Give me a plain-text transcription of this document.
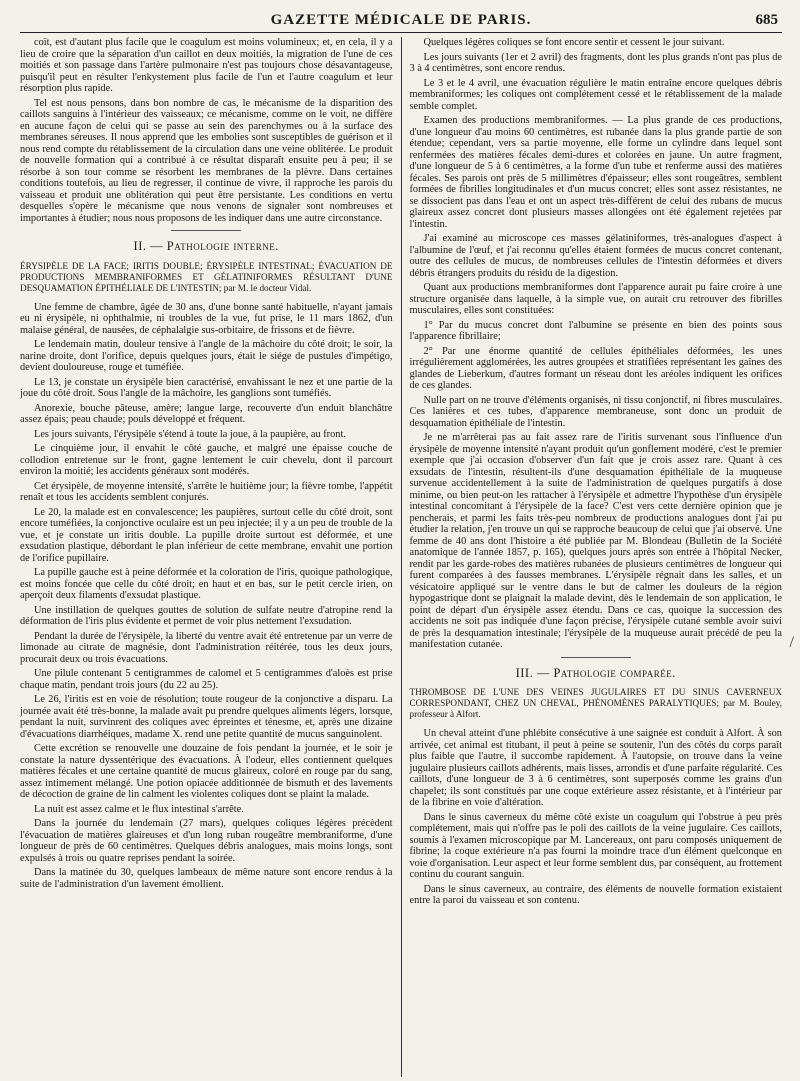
GAZETTE MÉDICALE DE PARIS.	685

coït, est d'autant plus facile que le coagulum est moins volumineux; et, en cela, il y a lieu de croire que la séparation d'un caillot en deux moitiés, la migration de l'une de ces moitiés et son passage dans l'artère pulmonaire n'est pas toujours chose désavantageuse, puisqu'il peut en résulter l'enkystement plus facile de l'un et l'autre coagulum et leur résorption plus rapide.

Tel est nous pensons, dans bon nombre de cas, le mécanisme de la disparition des caillots sanguins à l'intérieur des vaisseaux; ce mécanisme, comme on le voit, ne diffère en aucune façon de celui qui se passe au sein des parenchymes ou à la surface des membranes séreuses. Il nous apprend que les embolies sont susceptibles de guérison et il nous rend compte du rétablissement de la circulation dans une veine oblitérée. Le produit de nouvelle formation qui a contribué à ce résultat disparaît ensuite peu à peu; il se résorbe à son tour comme se résorbent les membranes de la plèvre. Dans certaines conditions toutefois, au lieu de regresser, il continue de vivre, il rapproche les parois du vaisseau et produit une oblitération qui peut être persistante. Les conditions en vertu desquelles s'opère le mécanisme que nous venons de signaler sont nombreuses et importantes à étudier; nous nous proposons de les indiquer dans une autre circonstance.

II. — Pathologie interne.

ÉRYSIPÈLE DE LA FACE; IRITIS DOUBLE; ÉRYSIPÈLE INTESTINAL; ÉVACUATION DE PRODUCTIONS MEMBRANIFORMES ET GÉLATINIFORMES RÉSULTANT D'UNE DESQUAMATION ÉPITHÉLIALE DE L'INTESTIN; par M. le docteur Vidal.

Une femme de chambre, âgée de 30 ans, d'une bonne santé habituelle, n'ayant jamais eu ni érysipèle, ni ophthalmie, ni troubles de la vue, fut prise, le 11 mars 1862, d'un malaise général, de nausées, de céphalalgie sus-orbitaire, de frissons et de fièvre.

Le lendemain matin, douleur tensive à l'angle de la mâchoire du côté droit; le soir, la narine droite, dont l'orifice, depuis quelques jours, était le siége de pustules d'impétigo, devient douloureuse, rouge et tuméfiée.

Le 13, je constate un érysipèle bien caractérisé, envahissant le nez et une partie de la joue du côté droit. Sous l'angle de la mâchoire, les ganglions sont tuméfiés.

Anorexie, bouche pâteuse, amère; langue large, recouverte d'un enduit blanchâtre assez épais; peau chaude; pouls développé et fréquent.

Les jours suivants, l'érysipèle s'étend à toute la joue, à la paupière, au front.

Le cinquième jour, il envahit le côté gauche, et malgré une épaisse couche de collodion entretenue sur le front, gagne lentement le cuir chevelu, dont il parcourt environ la moitié; les accidents généraux sont modérés.

Cet érysipèle, de moyenne intensité, s'arrête le huitième jour; la fièvre tombe, l'appétit renaît et tous les accidents semblent conjurés.

Le 20, la malade est en convalescence; les paupières, surtout celle du côté droit, sont encore tuméfiées, la conjonctive oculaire est un peu injectée; il y a un peu de trouble de la vue, et je constate un iritis double. La pupille droite surtout est déformée, et une exsudation plastique, débordant le plan inférieur de cette membrane, envahit une portion de l'orifice pupillaire.

La pupille gauche est à peine déformée et la coloration de l'iris, quoique pathologique, est moins foncée que celle du côté droit; en haut et en bas, sur le petit cercle irien, on aperçoit deux filaments d'exsudat plastique.

Une instillation de quelques gouttes de solution de sulfate neutre d'atropine rend la déformation de l'iris plus évidente et permet de voir plus nettement l'exsudation.

Pendant la durée de l'érysipèle, la liberté du ventre avait été entretenue par un verre de limonade au citrate de magnésie, dont l'administration réitérée, tous les deux jours, procurait deux ou trois évacuations.

Une pilule contenant 5 centigrammes de calomel et 5 centigrammes d'aloès est prise chaque matin, pendant trois jours (du 22 au 25).

Le 26, l'iritis est en voie de résolution; toute rougeur de la conjonctive a disparu. La journée avait été très-bonne, la malade avait pu prendre quelques aliments légers, lorsque, pendant la nuit, survinrent des coliques avec épreintes et ténesme, et, après une dizaine d'évacuations diarrhéiques, madame X. rend une petite quantité de mucus sanguinolent.

Cette excrétion se renouvelle une douzaine de fois pendant la journée, et le soir je constate la nature dyssentérique des évacuations. À l'odeur, elles contiennent quelques matières fécales et une certaine quantité de mucus glaireux, coloré en rouge par du sang, assez intimement mélangé. Une potion opiacée additionnée de bismuth et des lavements de décoction de graine de lin calment les violentes coliques dont se plaint la malade.

La nuit est assez calme et le flux intestinal s'arrête.

Dans la journée du lendemain (27 mars), quelques coliques légères précèdent l'évacuation de matières glaireuses et d'un long ruban rougeâtre membraniforme, d'une longueur de près de 60 centimètres. Quelques débris analogues, mais moins longs, sont expulsés à trois ou quatre reprises pendant la soirée.

Dans la matinée du 30, quelques lambeaux de même nature sont encore rendus à la suite de l'administration d'un lavement émollient.

Quelques légères coliques se font encore sentir et cessent le jour suivant.

Les jours suivants (1er et 2 avril) des fragments, dont les plus grands n'ont pas plus de 3 à 4 centimètres, sont encore rendus.

Le 3 et le 4 avril, une évacuation régulière le matin entraîne encore quelques débris membraniformes; les coliques ont complétement cessé et le rétablissement de la malade semble complet.

Examen des productions membraniformes. — La plus grande de ces productions, d'une longueur d'au moins 60 centimètres, est rubanée dans la plus grande partie de son étendue; cependant, vers sa partie moyenne, elle forme un cylindre dans lequel sont renfermées des matières fécales demi-dures et colorées en jaune. Un autre fragment, d'une longueur de 5 à 6 centimètres, a la forme d'un tube et renferme aussi des matières fécales. Ses parois ont près de 5 millimètres d'épaisseur; elles sont rougeâtres, semblent formées de fibrilles longitudinales et d'un mucus concret; elles sont assez résistantes, ne se dissocient pas dans l'eau et ont un aspect très-différent de celui des rubans de mucus glaireux assez concret dont plusieurs masses allongées ont été également rejetées par l'intestin.

J'ai examiné au microscope ces masses gélatiniformes, très-analogues d'aspect à l'albumine de l'œuf, et j'ai reconnu qu'elles étaient formées de mucus concret contenant, outre des cellules de mucus, de nombreuses cellules de l'intestin déformées et divers débris étrangers produits du résidu de la digestion.

Quant aux productions membraniformes dont l'apparence aurait pu faire croire à une structure organisée dans laquelle, à la simple vue, on aurait cru retrouver des fibrilles musculaires, elles sont constituées:

1° Par du mucus concret dont l'albumine se présente en bien des points sous l'apparence fibrillaire;

2° Par une énorme quantité de cellules épithéliales déformées, les unes irrégulièrement agglomérées, les autres groupées et stratifiées représentant les gaînes des glandes de Lieberkum, d'autres formant un réseau dont les aréoles indiquent les orifices de ces glandes.

Nulle part on ne trouve d'éléments organisés, ni tissu conjonctif, ni fibres musculaires. Ces lanières et ces tubes, d'apparence membraneuse, sont donc un produit de desquamation épithéliale de l'intestin.

Je ne m'arrêterai pas au fait assez rare de l'iritis survenant sous l'influence d'un érysipèle de moyenne intensité n'ayant produit qu'un gonflement modéré, c'est le premier exemple que j'ai occasion d'observer d'un fait que je crois assez rare. Quant à ces exsudats de l'intestin, résultent-ils d'une desquamation épithéliale de la muqueuse survenue accidentellement à la suite de l'administration de quelques purgatifs à dose minime, ou bien peut-on les rattacher à l'érysipèle et admettre l'hypothèse d'un érysipèle intestinal concomitant à l'érysipèle de la face? C'est vers cette dernière opinion que je pencherais, et parmi les faits très-peu nombreux de productions analogues dont j'ai pu étudier la relation, j'en trouve un qui se rapproche beaucoup de celui que j'ai observé. Une femme de 40 ans dont l'histoire a été publiée par M. Blondeau (Bulletin de la Société anatomique de l'année 1857, p. 165), quelques jours après son entrée à l'hôpital Necker, rendit par les garde-robes des matières rubanées de plusieurs centimètres de longueur qui furent comparées à des fausses membranes. L'érysipèle régnait dans les salles, et un vésicatoire appliqué sur le ventre dans le but de calmer les douleurs de la région hypogastrique dont se plaignait la malade devint, dès le lendemain de son application, le point de départ d'un érysipèle assez étendu. Dans ce cas, quoique la succession des accidents ne soit pas indiquée d'une façon précise, l'érysipèle cutané semble avoir suivi de près la desquamation intestinale; l'érysipèle de la muqueuse aurait précédé de peu la manifestation cutanée.

III. — Pathologie comparée.

THROMBOSE DE L'UNE DES VEINES JUGULAIRES ET DU SINUS CAVERNEUX CORRESPONDANT, CHEZ UN CHEVAL, PHÉNOMÈNES PARALYTIQUES; par M. Bouley, professeur à Alfort.

Un cheval atteint d'une phlébite consécutive à une saignée est conduit à Alfort. À son arrivée, cet animal est titubant, il peut à peine se soutenir, l'un des côtés du corps paraît plus faible que l'autre, il succombe rapidement. À l'autopsie, on trouve dans la veine jugulaire plusieurs caillots adhérents, mais lisses, arrondis et d'une parfaite régularité. Ces caillots, d'une longueur de 3 à 6 centimètres, sont superposés comme les grains d'un chapelet; ils sont constitués par une coque extérieure assez résistante, et à l'intérieur par de la fibrine en voie d'altération.

Dans le sinus caverneux du même côté existe un coagulum qui l'obstrue à peu près complétement, mais qui n'offre pas le poli des caillots de la veine jugulaire. Ces caillots, soumis à l'examen microscopique par M. Lancereaux, ont paru composés uniquement de fibrine; la coque extérieure n'a pas fourni la moindre trace d'un élément quelconque en voie d'organisation. Leur aspect et leur forme semblent dus, par conséquent, au frottement continu du courant sanguin.

Dans le sinus caverneux, au contraire, des éléments de nouvelle formation existaient entre la paroi du vaisseau et son contenu.

/
